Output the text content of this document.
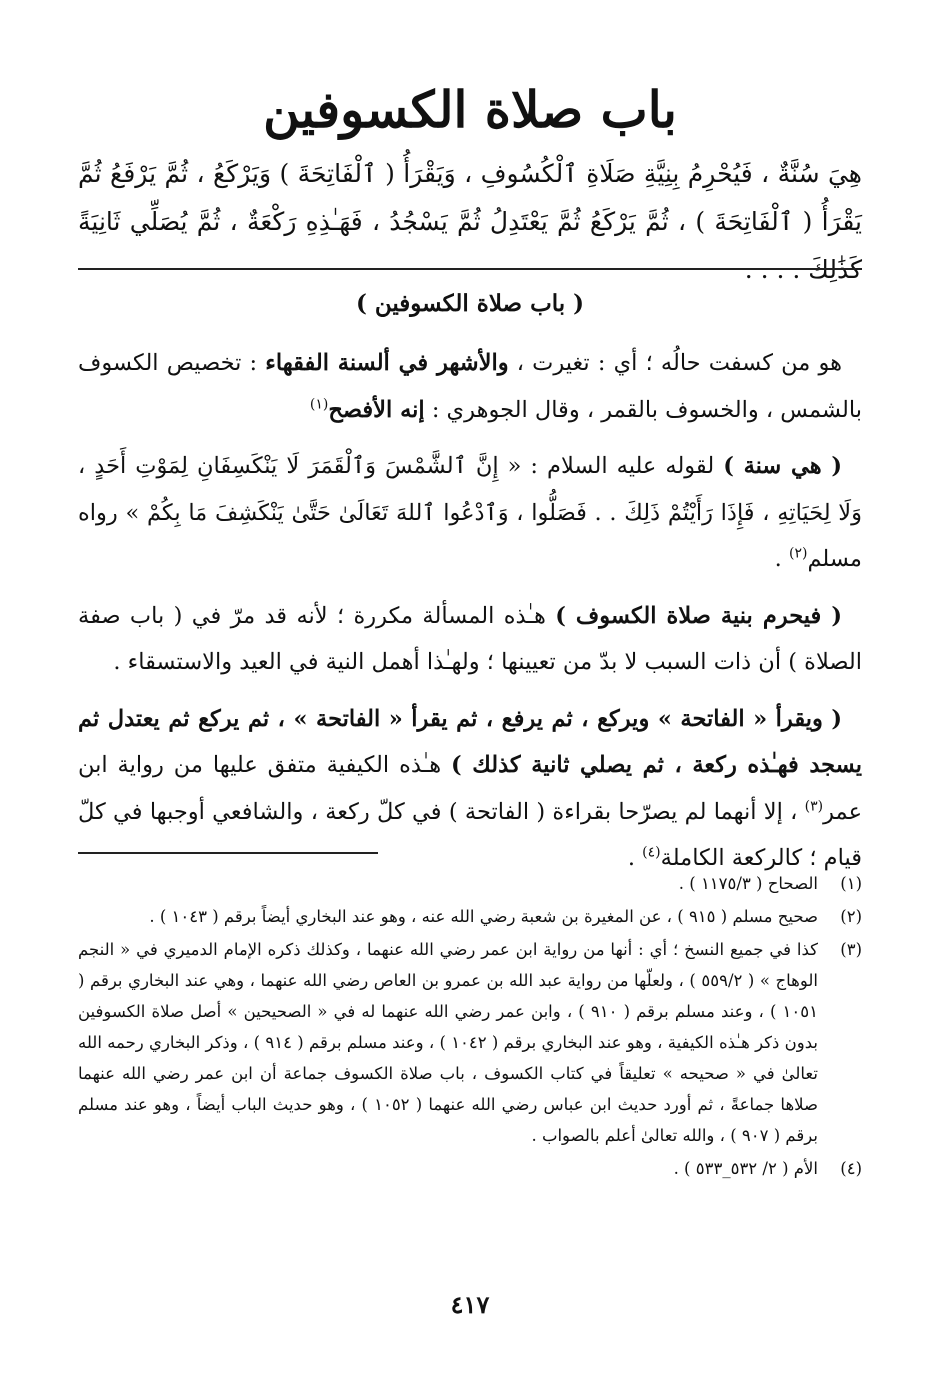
باب صلاة الكسوفين
هِيَ سُنَّةٌ ، فَيُحْرِمُ بِنِيَّةِ صَلَاةِ ٱلْكُسُوفِ ، وَيَقْرَأُ ( ٱلْفَاتِحَةَ ) وَيَرْكَعُ ، ثُمَّ يَرْفَعُ ثُمَّ يَقْرَأُ ( ٱلْفَاتِحَةَ ) ، ثُمَّ يَرْكَعُ ثُمَّ يَعْتَدِلُ ثُمَّ يَسْجُدُ ، فَهَـٰذِهِ رَكْعَةٌ ، ثُمَّ يُصَلِّي ثَانِيَةً كَذَٰلِكَ . . . .
( باب صلاة الكسوفين )

هو من كسفت حالُه ؛ أي : تغيرت ، والأشهر في ألسنة الفقهاء : تخصيص الكسوف بالشمس ، والخسوف بالقمر ، وقال الجوهري : إنه الأفصح$^{(١)}$

( هي سنة ) لقوله عليه السلام : « إِنَّ ٱلشَّمْسَ وَٱلْقَمَرَ لَا يَنْكَسِفَانِ لِمَوْتِ أَحَدٍ ، وَلَا لِحَيَاتِهِ ، فَإِذَا رَأَيْتُمْ ذَلِكَ . . فَصَلُّوا ، وَٱدْعُوا ٱللهَ تَعَالَىٰ حَتَّىٰ يَنْكَشِفَ مَا بِكُمْ » رواه مسلم$^{(٢)}$ .

( فيحرم بنية صلاة الكسوف ) هـٰذه المسألة مكررة ؛ لأنه قد مرّ في ( باب صفة الصلاة ) أن ذات السبب لا بدّ من تعيينها ؛ ولهـٰذا أهمل النية في العيد والاستسقاء .

( ويقرأ « الفاتحة » ويركع ، ثم يرفع ، ثم يقرأ « الفاتحة » ، ثم يركع ثم يعتدل ثم يسجد فهـٰذه ركعة ، ثم يصلي ثانية كذلك ) هـٰذه الكيفية متفق عليها من رواية ابن عمر$^{(٣)}$ ، إلا أنهما لم يصرّحا بقراءة ( الفاتحة ) في كلّ ركعة ، والشافعي أوجبها في كلّ قيام ؛ كالركعة الكاملة$^{(٤)}$ .

(١)
الصحاح ( ١١٧٥/٣ ) .
(٢)
صحيح مسلم ( ٩١٥ ) ، عن المغيرة بن شعبة رضي الله عنه ، وهو عند البخاري أيضاً برقم ( ١٠٤٣ ) .
(٣)
كذا في جميع النسخ ؛ أي : أنها من رواية ابن عمر رضي الله عنهما ، وكذلك ذكره الإمام الدميري في « النجم الوهاج » ( ٥٥٩/٢ ) ، ولعلّها من رواية عبد الله بن عمرو بن العاص رضي الله عنهما ، وهي عند البخاري برقم ( ١٠٥١ ) ، وعند مسلم برقم ( ٩١٠ ) ، وابن عمر رضي الله عنهما له في « الصحيحين » أصل صلاة الكسوفين بدون ذكر هـٰذه الكيفية ، وهو عند البخاري برقم ( ١٠٤٢ ) ، وعند مسلم برقم ( ٩١٤ ) ، وذكر البخاري رحمه الله تعالىٰ في « صحيحه » تعليقاً في كتاب الكسوف ، باب صلاة الكسوف جماعة أن ابن عمر رضي الله عنهما صلاها جماعةً ، ثم أورد حديث ابن عباس رضي الله عنهما ( ١٠٥٢ ) ، وهو حديث الباب أيضاً ، وهو عند مسلم برقم ( ٩٠٧ ) ، والله تعالىٰ أعلم بالصواب .
(٤)
الأم ( ٢/ ٥٣٢_٥٣٣ ) .
٤١٧
